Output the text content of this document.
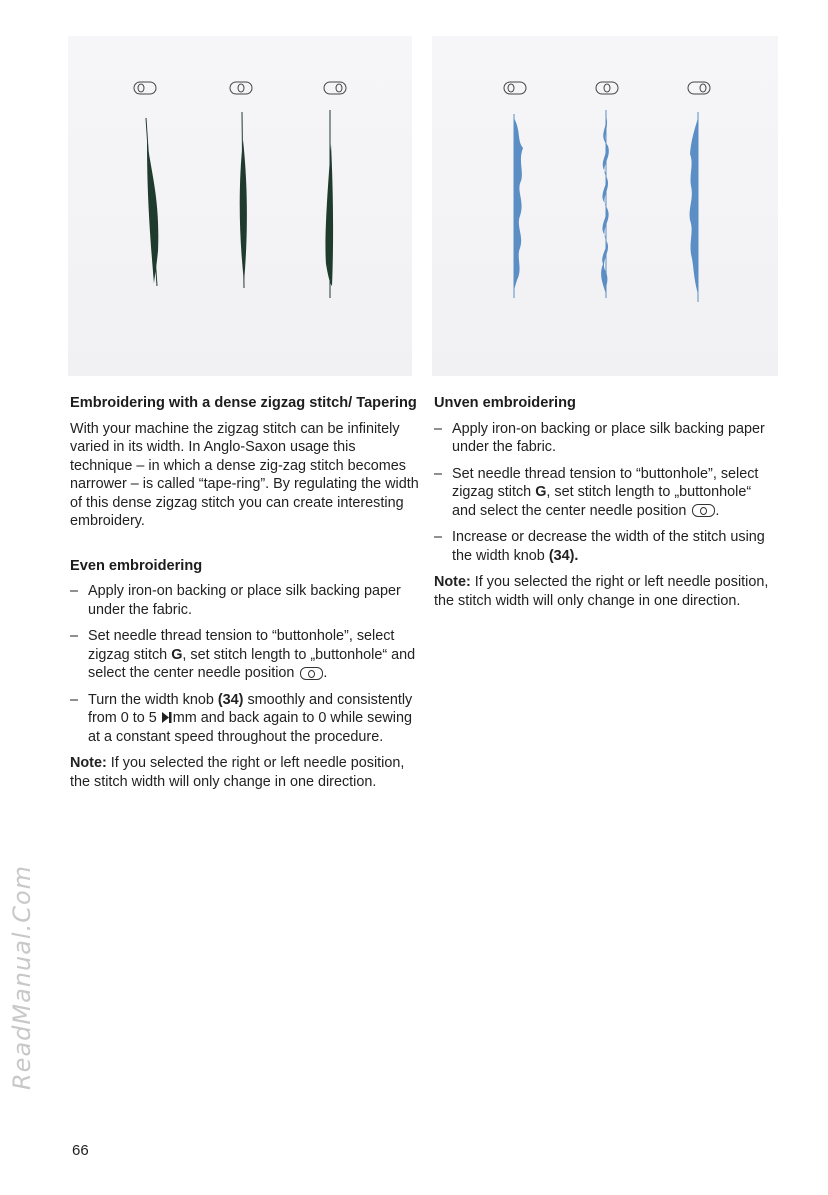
Embroidering with a dense zigzag stitch/ Tapering

With your machine the zigzag stitch can be infinitely varied in its width. In Anglo-Saxon usage this technique – in which a dense zig-zag stitch becomes narrower – is called “tape-ring”. By regulating the width of this dense zigzag stitch you can create interesting embroidery.

Even embroidering
– Apply iron-on backing or place silk backing paper under the fabric.
– Set needle thread tension to “buttonhole”, select zigzag stitch G, set stitch length to „buttonhole“ and select the center needle position .
– Turn the width knob (34) smoothly and consistently from 0 to 5 mm and back again to 0 while sewing at a constant speed throughout the procedure.

Note: If you selected the right or left needle position, the stitch width will only change in one direction.

Unven embroidering
– Apply iron-on backing or place silk backing paper under the fabric.
– Set needle thread tension to “buttonhole”, select zigzag stitch G, set stitch length to „buttonhole“ and select the center needle position .
– Increase or decrease the width of the stitch using the width knob (34).

Note: If you selected the right or left needle position, the stitch width will only change in one direction.

ReadManual.Com
66
